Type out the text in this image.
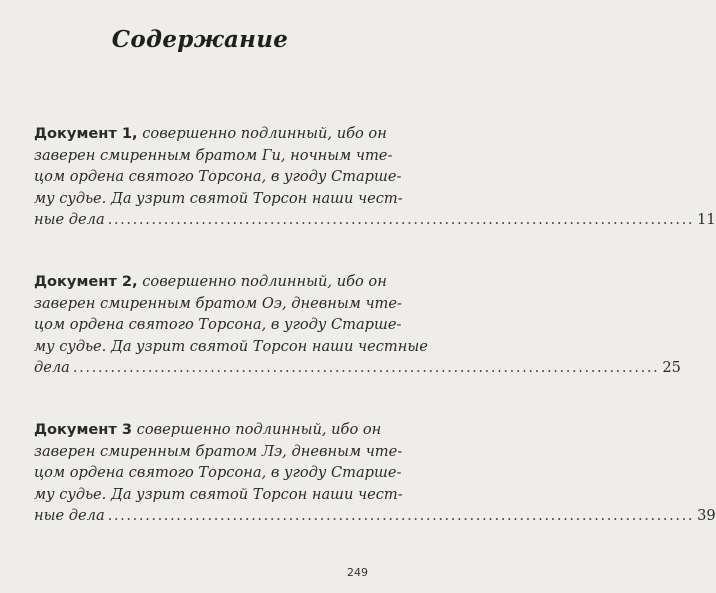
Содержание
Документ 1, совершенно подлинный, ибо он
заверен смиренным братом Ги, ночным чте-
цом ордена святого Торсона, в угоду Старше-
му судье. Да узрит святой Торсон наши чест-
ные дела .............................................................................................. 11
Документ 2, совершенно подлинный, ибо он
заверен смиренным братом Оэ, дневным чте-
цом ордена святого Торсона, в угоду Старше-
му судье. Да узрит святой Торсон наши честные
дела .............................................................................................. 25
Документ 3 совершенно подлинный, ибо он
заверен смиренным братом Лэ, дневным чте-
цом ордена святого Торсона, в угоду Старше-
му судье. Да узрит святой Торсон наши чест-
ные дела .............................................................................................. 39
249
